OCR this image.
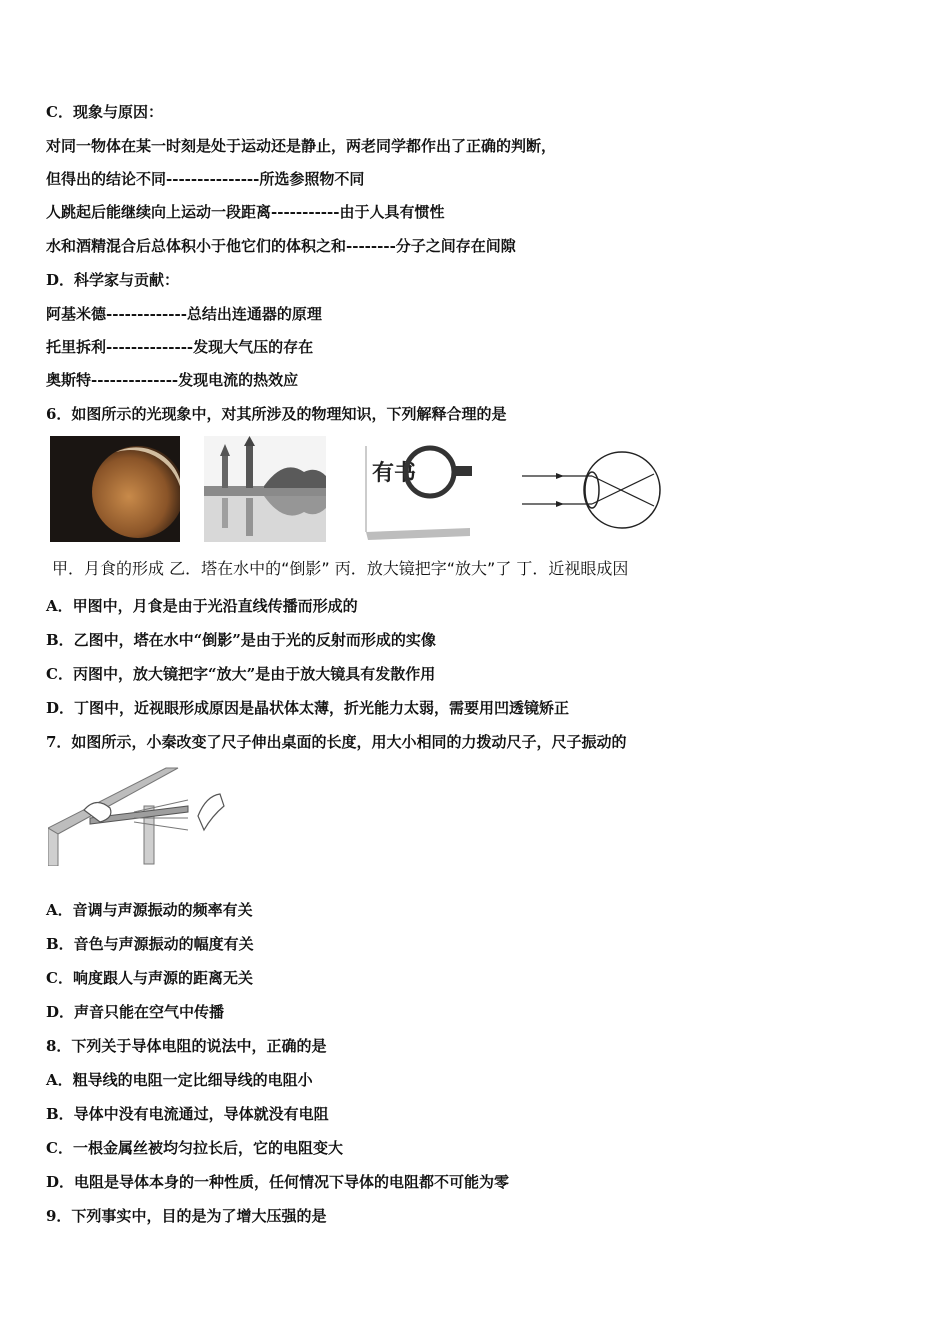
C．现象与原因：
对同一物体在某一时刻是处于运动还是静止，两老同学都作出了正确的判断，
但得出的结论不同---------------所选参照物不同
人跳起后能继续向上运动一段距离-----------由于人具有惯性
水和酒精混合后总体积小于他它们的体积之和--------分子之间存在间隙
D．科学家与贡献：
阿基米德-------------总结出连通器的原理
托里拆利--------------发现大气压的存在
奥斯特--------------发现电流的热效应
6．如图所示的光现象中，对其所涉及的物理知识，下列解释合理的是
有书
甲．月食的形成 乙．塔在水中的“倒影” 丙．放大镜把字“放大”了 丁．近视眼成因
A．甲图中，月食是由于光沿直线传播而形成的
B．乙图中，塔在水中“倒影”是由于光的反射而形成的实像
C．丙图中，放大镜把字“放大”是由于放大镜具有发散作用
D．丁图中，近视眼形成原因是晶状体太薄，折光能力太弱，需要用凹透镜矫正
7．如图所示，小秦改变了尺子伸出桌面的长度，用大小相同的力拨动尺子，尺子振动的
A．音调与声源振动的频率有关
B．音色与声源振动的幅度有关
C．响度跟人与声源的距离无关
D．声音只能在空气中传播
8．下列关于导体电阻的说法中，正确的是
A．粗导线的电阻一定比细导线的电阻小
B．导体中没有电流通过，导体就没有电阻
C．一根金属丝被均匀拉长后，它的电阻变大
D．电阻是导体本身的一种性质，任何情况下导体的电阻都不可能为零
9．下列事实中，目的是为了增大压强的是
